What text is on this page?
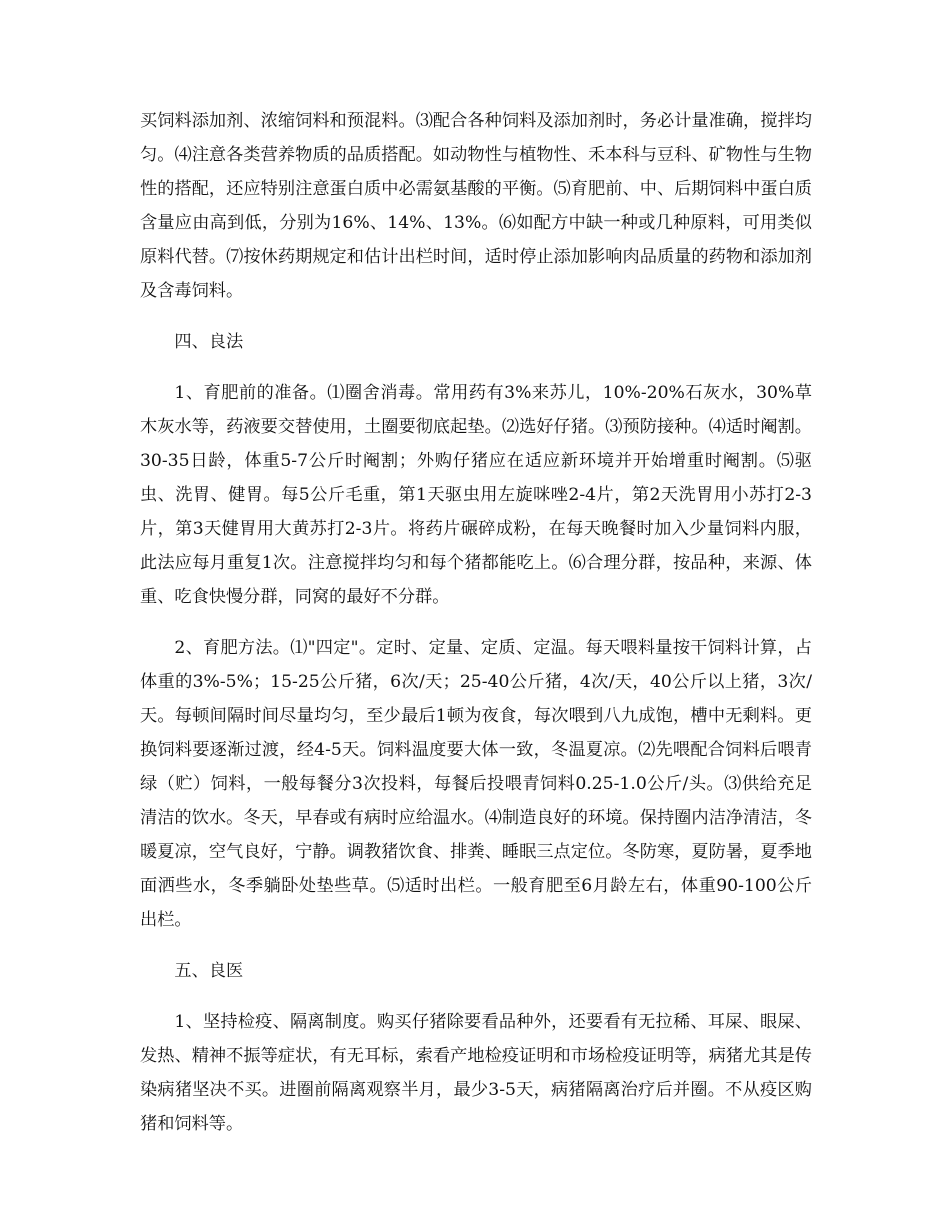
买饲料添加剂、浓缩饲料和预混料。⑶配合各种饲料及添加剂时，务必计量准确，搅拌均匀。⑷注意各类营养物质的品质搭配。如动物性与植物性、禾本科与豆科、矿物性与生物性的搭配，还应特别注意蛋白质中必需氨基酸的平衡。⑸育肥前、中、后期饲料中蛋白质含量应由高到低，分别为16%、14%、13%。⑹如配方中缺一种或几种原料，可用类似原料代替。⑺按休药期规定和估计出栏时间，适时停止添加影响肉品质量的药物和添加剂及含毒饲料。

四、良法

1、育肥前的准备。⑴圈舍消毒。常用药有3%来苏儿，10%-20%石灰水，30%草木灰水等，药液要交替使用，土圈要彻底起垫。⑵选好仔猪。⑶预防接种。⑷适时阉割。30-35日龄，体重5-7公斤时阉割；外购仔猪应在适应新环境并开始增重时阉割。⑸驱虫、洗胃、健胃。每5公斤毛重，第1天驱虫用左旋咪唑2-4片，第2天洗胃用小苏打2-3片，第3天健胃用大黄苏打2-3片。将药片碾碎成粉，在每天晚餐时加入少量饲料内服，此法应每月重复1次。注意搅拌均匀和每个猪都能吃上。⑹合理分群，按品种，来源、体重、吃食快慢分群，同窝的最好不分群。

2、育肥方法。⑴"四定"。定时、定量、定质、定温。每天喂料量按干饲料计算，占体重的3%-5%；15-25公斤猪，6次/天；25-40公斤猪，4次/天，40公斤以上猪，3次/天。每顿间隔时间尽量均匀，至少最后1顿为夜食，每次喂到八九成饱，槽中无剩料。更换饲料要逐渐过渡，经4-5天。饲料温度要大体一致，冬温夏凉。⑵先喂配合饲料后喂青绿（贮）饲料，一般每餐分3次投料，每餐后投喂青饲料0.25-1.0公斤/头。⑶供给充足清洁的饮水。冬天，早春或有病时应给温水。⑷制造良好的环境。保持圈内洁净清洁，冬暖夏凉，空气良好，宁静。调教猪饮食、排粪、睡眠三点定位。冬防寒，夏防暑，夏季地面洒些水，冬季躺卧处垫些草。⑸适时出栏。一般育肥至6月龄左右，体重90-100公斤出栏。

五、良医

1、坚持检疫、隔离制度。购买仔猪除要看品种外，还要看有无拉稀、耳屎、眼屎、发热、精神不振等症状，有无耳标，索看产地检疫证明和市场检疫证明等，病猪尤其是传染病猪坚决不买。进圈前隔离观察半月，最少3-5天，病猪隔离治疗后并圈。不从疫区购猪和饲料等。
